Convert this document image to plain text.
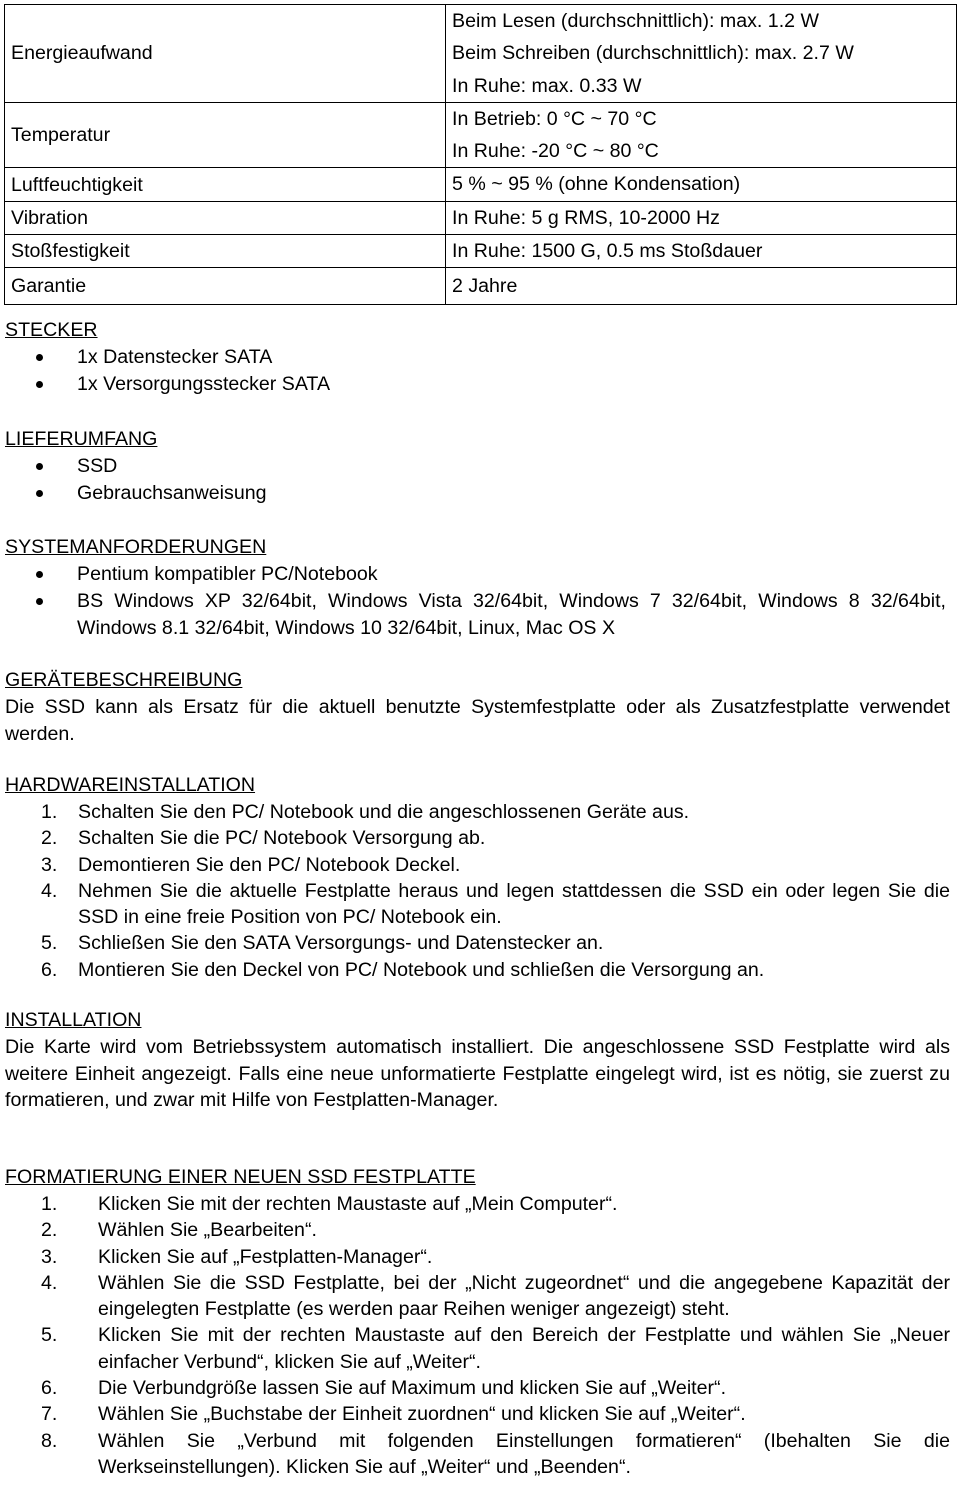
Energieaufwand	Beim Lesen (durchschnittlich): max. 1.2 W
Beim Schreiben (durchschnittlich): max. 2.7 W
In Ruhe: max. 0.33 W

Temperatur	In Betrieb: 0 °C ~ 70 °C
In Ruhe: -20 °C ~ 80 °C

Luftfeuchtigkeit	5 % ~ 95 % (ohne Kondensation)

Vibration	In Ruhe: 5 g RMS, 10-2000 Hz

Stoßfestigkeit	In Ruhe: 1500 G, 0.5 ms Stoßdauer

Garantie	2 Jahre
STECKER
1x Datenstecker SATA
1x Versorgungsstecker SATA
LIEFERUMFANG
SSD
Gebrauchsanweisung
SYSTEMANFORDERUNGEN
Pentium kompatibler PC/Notebook
BS Windows XP 32/64bit, Windows Vista 32/64bit, Windows 7 32/64bit, Windows 8 32/64bit, Windows 8.1 32/64bit, Windows 10 32/64bit, Linux, Mac OS X
GERÄTEBESCHREIBUNG

Die SSD kann als Ersatz für die aktuell benutzte Systemfestplatte oder als Zusatzfestplatte verwendet werden.

HARDWAREINSTALLATION
1. Schalten Sie den PC/ Notebook und die angeschlossenen Geräte aus.
2. Schalten Sie die PC/ Notebook Versorgung ab.
3. Demontieren Sie den PC/ Notebook Deckel.
4. Nehmen Sie die aktuelle Festplatte heraus und legen stattdessen die SSD ein oder legen Sie die SSD in eine freie Position von PC/ Notebook ein.
5. Schließen Sie den SATA Versorgungs- und Datenstecker an.
6. Montieren Sie den Deckel von PC/ Notebook und schließen die Versorgung an.
INSTALLATION

Die Karte wird vom Betriebssystem automatisch installiert. Die angeschlossene SSD Festplatte wird als weitere Einheit angezeigt. Falls eine neue unformatierte Festplatte eingelegt wird, ist es nötig, sie zuerst zu formatieren, und zwar mit Hilfe von Festplatten-Manager.

FORMATIERUNG EINER NEUEN SSD FESTPLATTE
1. Klicken Sie mit der rechten Maustaste auf „Mein Computer“.
2. Wählen Sie „Bearbeiten“.
3. Klicken Sie auf „Festplatten-Manager“.
4. Wählen Sie die SSD Festplatte, bei der „Nicht zugeordnet“ und die angegebene Kapazität der eingelegten Festplatte (es werden paar Reihen weniger angezeigt) steht.
5. Klicken Sie mit der rechten Maustaste auf den Bereich der Festplatte und wählen Sie „Neuer einfacher Verbund“, klicken Sie auf „Weiter“.
6. Die Verbundgröße lassen Sie auf Maximum und klicken Sie auf „Weiter“.
7. Wählen Sie „Buchstabe der Einheit zuordnen“ und klicken Sie auf „Weiter“.
8. Wählen Sie „Verbund mit folgenden Einstellungen formatieren“ (Ibehalten Sie die Werkseinstellungen). Klicken Sie auf „Weiter“ und „Beenden“.
